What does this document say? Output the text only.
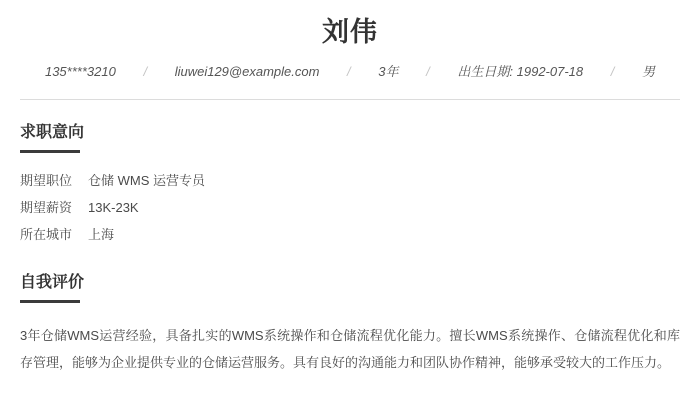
刘伟
135****3210 / liuwei129@example.com / 3年 / 出生日期: 1992-07-18 / 男
求职意向
期望职位	仓储 WMS 运营专员
期望薪资	13K-23K
所在城市	上海
自我评价

3年仓储WMS运营经验，具备扎实的WMS系统操作和仓储流程优化能力。擅长WMS系统操作、仓储流程优化和库存管理，能够为企业提供专业的仓储运营服务。具有良好的沟通能力和团队协作精神，能够承受较大的工作压力。
